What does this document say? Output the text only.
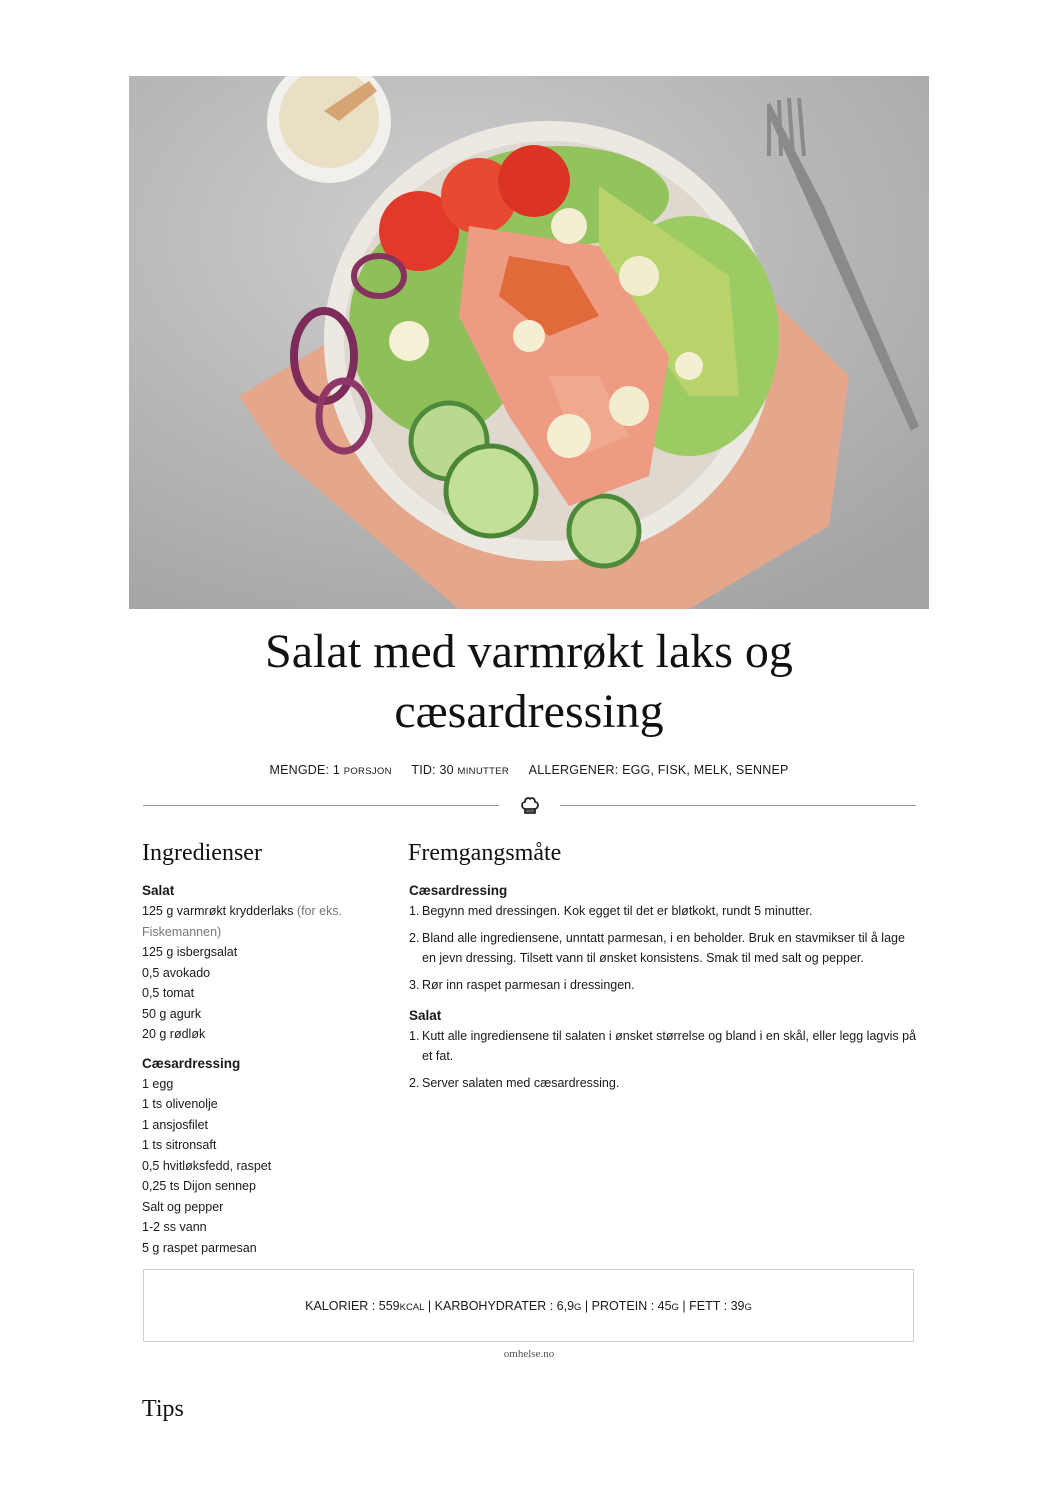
Salat med varmrøkt laks og
cæsardressing
MENGDE: 1 PORSJON TID: 30 MINUTTER ALLERGENER: EGG, FISK, MELK, SENNEP
Ingredienser	Fremgangsmåte
Salat
125 g varmrøkt krydderlaks (for eks. Fiskemannen)
125 g isbergsalat
0,5 avokado
0,5 tomat
50 g agurk
20 g rødløk
Cæsardressing
1 egg
1 ts olivenolje
1 ansjosfilet
1 ts sitronsaft
0,5 hvitløksfedd, raspet
0,25 ts Dijon sennep
Salt og pepper
1-2 ss vann
5 g raspet parmesan
Cæsardressing
1. Begynn med dressingen. Kok egget til det er bløtkokt, rundt 5 minutter.
2. Bland alle ingrediensene, unntatt parmesan, i en beholder. Bruk en stavmikser til å lage en jevn dressing. Tilsett vann til ønsket konsistens. Smak til med salt og pepper.
3. Rør inn raspet parmesan i dressingen.
Salat
1. Kutt alle ingrediensene til salaten i ønsket størrelse og bland i en skål, eller legg lagvis på et fat.
2. Server salaten med cæsardressing.
KALORIER : 559KCAL | KARBOHYDRATER : 6,9G | PROTEIN : 45G | FETT : 39G
omhelse.no
Tips
